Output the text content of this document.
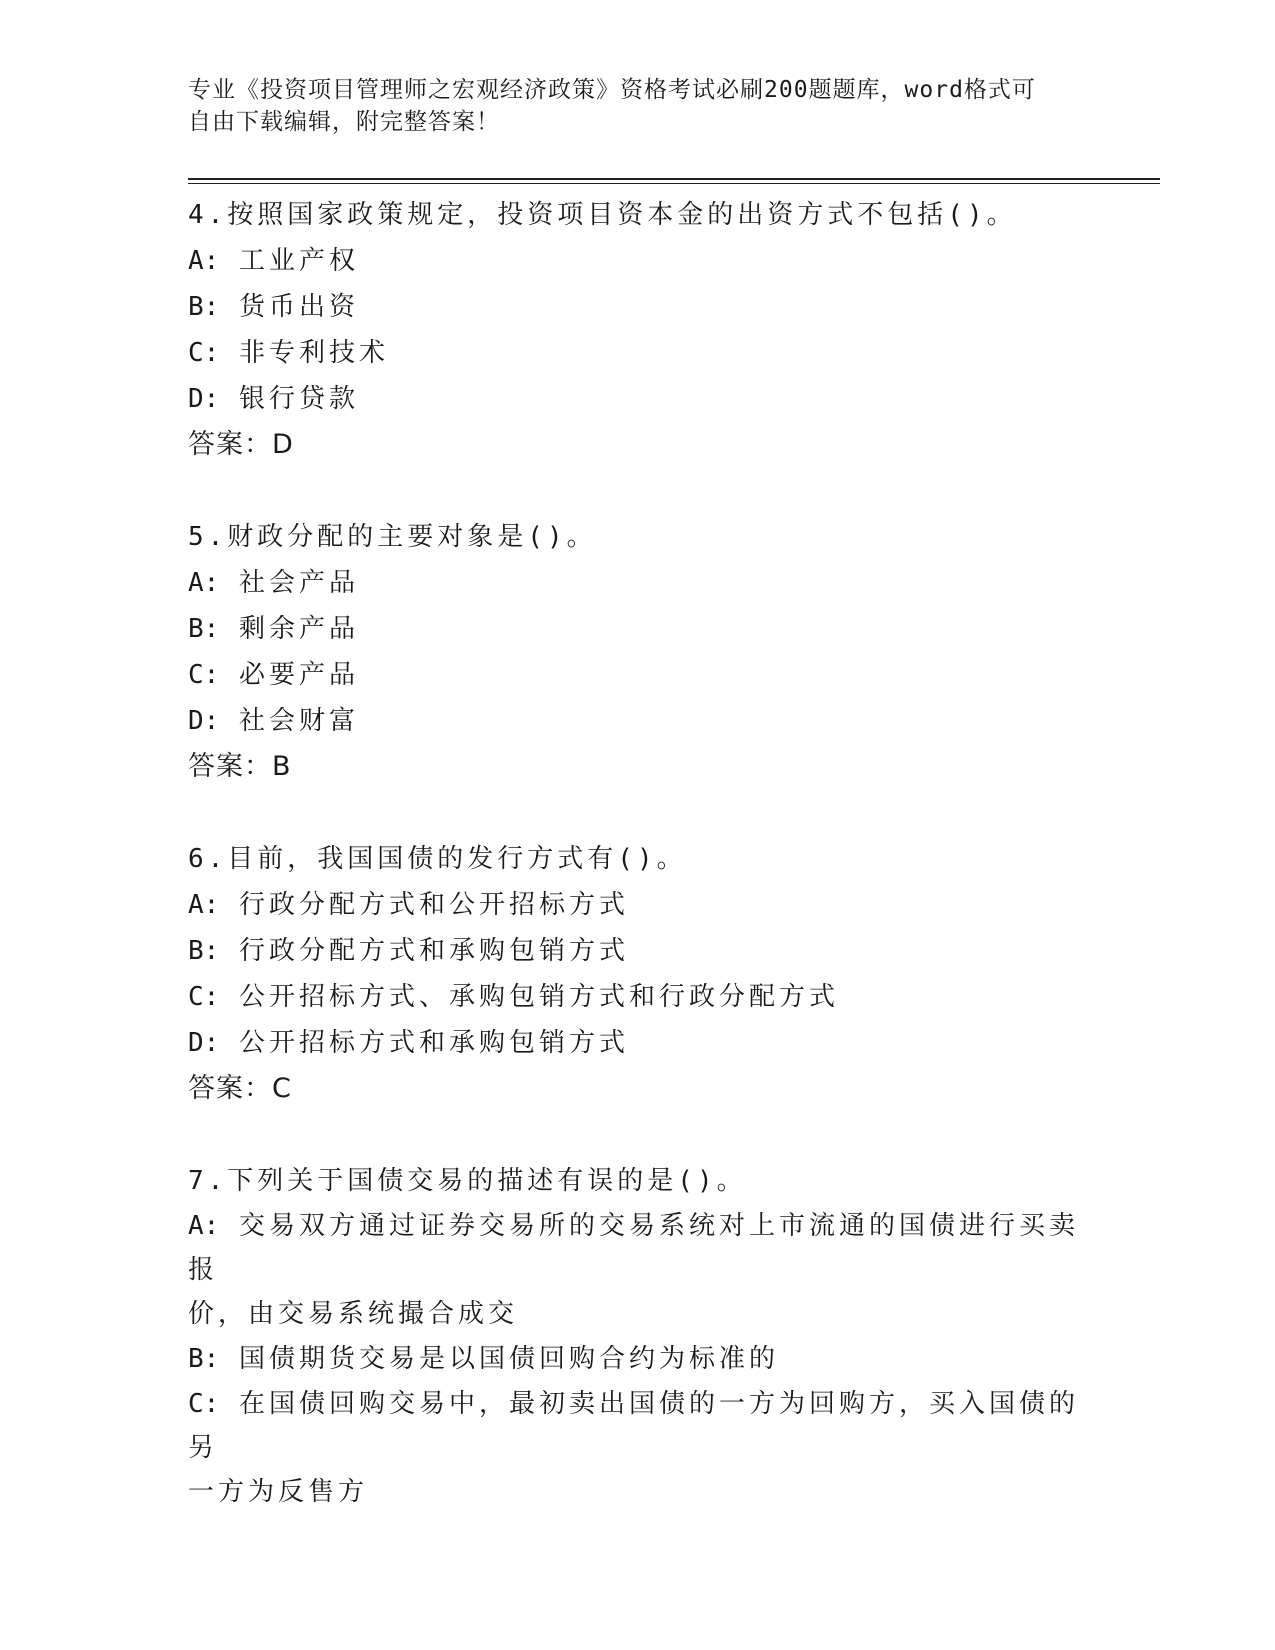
专业《投资项目管理师之宏观经济政策》资格考试必刷200题题库，word格式可
自由下载编辑，附完整答案！

4.按照国家政策规定，投资项目资本金的出资方式不包括()。

A: 工业产权

B: 货币出资

C: 非专利技术

D: 银行贷款

答案：D

5.财政分配的主要对象是()。

A: 社会产品

B: 剩余产品

C: 必要产品

D: 社会财富

答案：B

6.目前，我国国债的发行方式有()。

A: 行政分配方式和公开招标方式

B: 行政分配方式和承购包销方式

C: 公开招标方式、承购包销方式和行政分配方式

D: 公开招标方式和承购包销方式

答案：C

7.下列关于国债交易的描述有误的是()。

A: 交易双方通过证券交易所的交易系统对上市流通的国债进行买卖报
价，由交易系统撮合成交

B: 国债期货交易是以国债回购合约为标准的

C: 在国债回购交易中，最初卖出国债的一方为回购方，买入国债的另
一方为反售方
